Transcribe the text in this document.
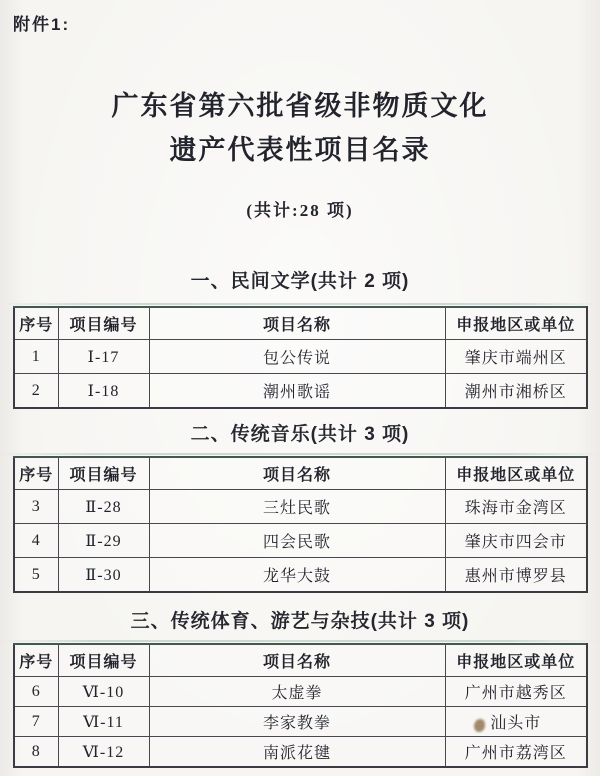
附件1:
广东省第六批省级非物质文化
遗产代表性项目名录
(共计:28 项)
一、民间文学(共计 2 项)
序号	项目编号	项目名称	申报地区或单位
1	Ⅰ-17	包公传说	肇庆市端州区
2	Ⅰ-18	潮州歌谣	潮州市湘桥区
二、传统音乐(共计 3 项)
序号	项目编号	项目名称	申报地区或单位
3	Ⅱ-28	三灶民歌	珠海市金湾区
4	Ⅱ-29	四会民歌	肇庆市四会市
5	Ⅱ-30	龙华大鼓	惠州市博罗县
三、传统体育、游艺与杂技(共计 3 项)
序号	项目编号	项目名称	申报地区或单位
6	Ⅵ-10	太虚拳	广州市越秀区
7	Ⅵ-11	李家教拳	汕头市
8	Ⅵ-12	南派花毽	广州市荔湾区
